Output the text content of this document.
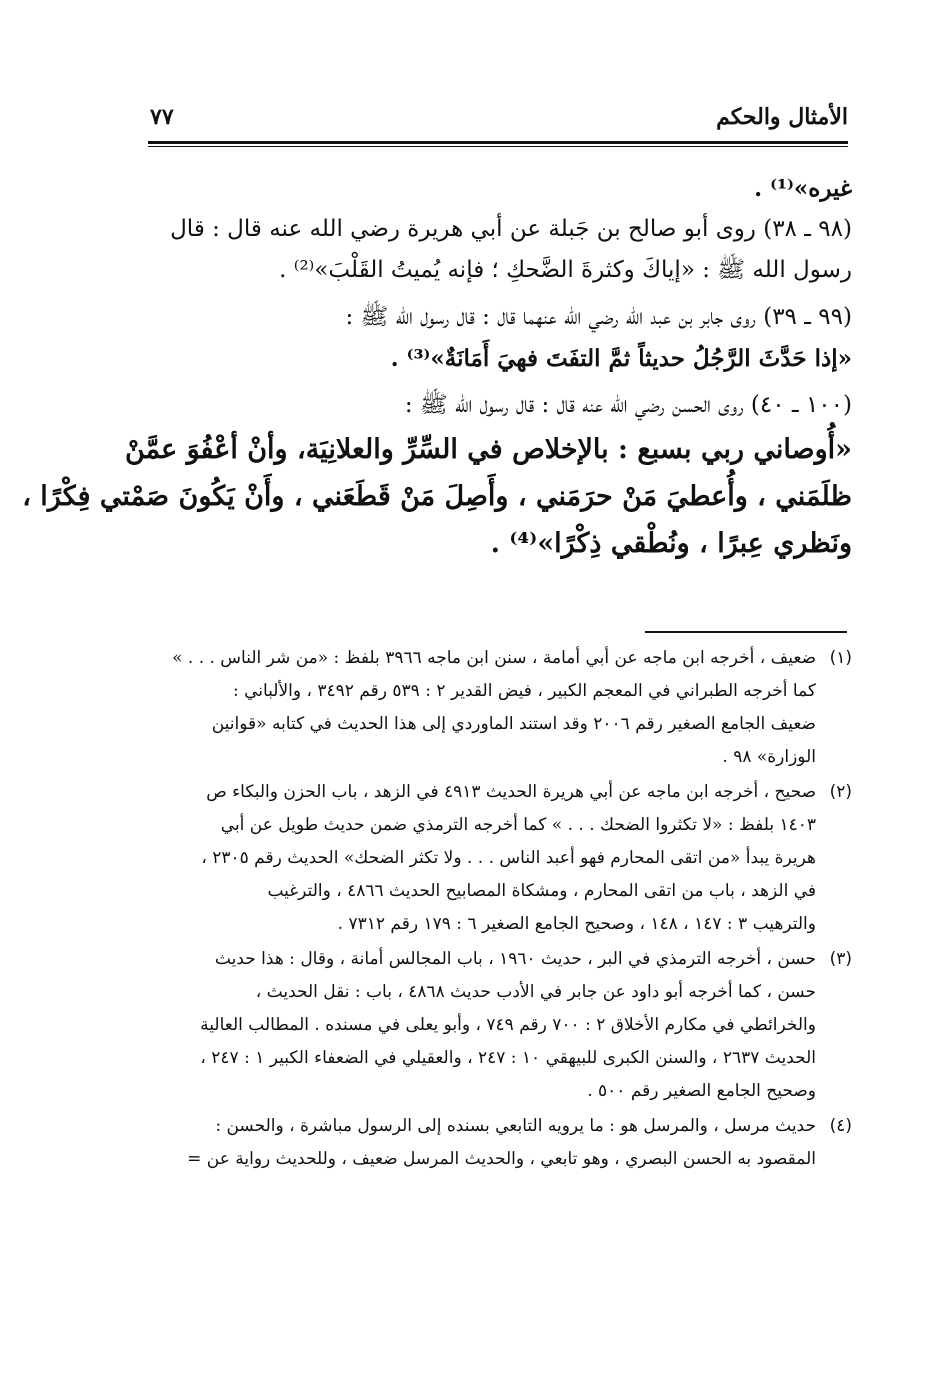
الأمثال والحكم
٧٧
غيره»⁽¹⁾ .
(٩٨ ـ ٣٨) روى أبو صالح بن جَبلة عن أبي هريرة رضي الله عنه قال : قال
رسول الله ﷺ : «إياكَ وكثرةَ الضَّحكِ ؛ فإنه يُميتُ القَلْبَ»⁽²⁾ .
(٩٩ ـ ٣٩) روى جابر بن عبد الله رضي الله عنهما قال : قال رسول الله ﷺ :
«إذا حَدَّثَ الرَّجُلُ حديثاً ثمَّ التفَتَ فهيَ أَمَانَةٌ»⁽³⁾ .
(١٠٠ ـ ٤٠) روى الحسن رضي الله عنه قال : قال رسول الله ﷺ :
«أُوصاني ربي بسبع : بالإخلاص في السِّرِّ والعلانِيَة، وأنْ أعْفُوَ عمَّنْ
ظلَمَني ، وأُعطيَ مَنْ حرَمَني ، وأَصِلَ مَنْ قَطَعَني ، وأَنْ يَكُونَ صَمْتي فِكْرًا ،
ونَظري عِبرًا ، ونُطْقي ذِكْرًا»⁽⁴⁾ .
(١)
ضعيف ، أخرجه ابن ماجه عن أبي أمامة ، سنن ابن ماجه ٣٩٦٦ بلفظ : «من شر الناس . . . »
كما أخرجه الطبراني في المعجم الكبير ، فيض القدير ٢ : ٥٣٩ رقم ٣٤٩٢ ، والألباني :
ضعيف الجامع الصغير رقم ٢٠٠٦ وقد استند الماوردي إلى هذا الحديث في كتابه «قوانين
الوزارة» ٩٨ .
(٢)
صحيح ، أخرجه ابن ماجه عن أبي هريرة الحديث ٤٩١٣ في الزهد ، باب الحزن والبكاء ص
١٤٠٣ بلفظ : «لا تكثروا الضحك . . . » كما أخرجه الترمذي ضمن حديث طويل عن أبي
هريرة يبدأ «من اتقى المحارم فهو أعبد الناس . . . ولا تكثر الضحك» الحديث رقم ٢٣٠٥ ،
في الزهد ، باب من اتقى المحارم ، ومشكاة المصابيح الحديث ٤٨٦٦ ، والترغيب
والترهيب ٣ : ١٤٧ ، ١٤٨ ، وصحيح الجامع الصغير ٦ : ١٧٩ رقم ٧٣١٢ .
(٣)
حسن ، أخرجه الترمذي في البر ، حديث ١٩٦٠ ، باب المجالس أمانة ، وقال : هذا حديث
حسن ، كما أخرجه أبو داود عن جابر في الأدب حديث ٤٨٦٨ ، باب : نقل الحديث ،
والخرائطي في مكارم الأخلاق ٢ : ٧٠٠ رقم ٧٤٩ ، وأبو يعلى في مسنده . المطالب العالية
الحديث ٢٦٣٧ ، والسنن الكبرى للبيهقي ١٠ : ٢٤٧ ، والعقيلي في الضعفاء الكبير ١ : ٢٤٧ ،
وصحيح الجامع الصغير رقم ٥٠٠ .
(٤)
حديث مرسل ، والمرسل هو : ما يرويه التابعي بسنده إلى الرسول مباشرة ، والحسن :
المقصود به الحسن البصري ، وهو تابعي ، والحديث المرسل ضعيف ، وللحديث رواية عن =
